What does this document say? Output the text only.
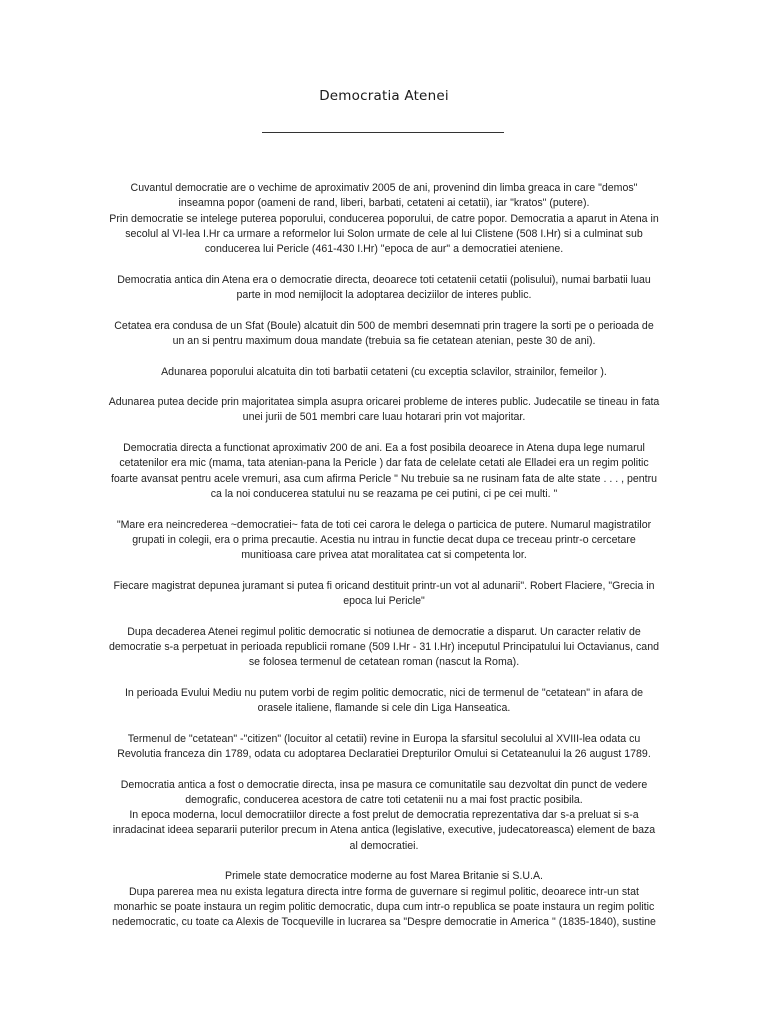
Democratia Atenei
Cuvantul democratie are o vechime de aproximativ 2005 de ani, provenind din limba greaca in care "demos"
inseamna popor (oameni de rand, liberi, barbati, cetateni ai cetatii), iar "kratos" (putere).
Prin democratie se intelege puterea poporului, conducerea poporului, de catre popor. Democratia a aparut in Atena in
secolul al VI-lea I.Hr ca urmare a reformelor lui Solon urmate de cele al lui Clistene (508 I.Hr) si a culminat sub
conducerea lui Pericle (461-430 I.Hr) "epoca de aur" a democratiei ateniene.
Democratia antica din Atena era o democratie directa, deoarece toti cetatenii cetatii (polisului), numai barbatii luau
parte in mod nemijlocit la adoptarea deciziilor de interes public.
Cetatea era condusa de un Sfat (Boule) alcatuit din 500 de membri desemnati prin tragere la sorti pe o perioada de
un an si pentru maximum doua mandate (trebuia sa fie cetatean atenian, peste 30 de ani).
Adunarea poporului alcatuita din toti barbatii cetateni (cu exceptia sclavilor, strainilor, femeilor ).
Adunarea putea decide prin majoritatea simpla asupra oricarei probleme de interes public. Judecatile se tineau in fata
unei jurii de 501 membri care luau hotarari prin vot majoritar.
Democratia directa a functionat aproximativ 200 de ani. Ea a fost posibila deoarece in Atena dupa lege numarul
cetatenilor era mic (mama, tata atenian-pana la Pericle ) dar fata de celelate cetati ale Elladei era un regim politic
foarte avansat pentru acele vremuri, asa cum afirma Pericle " Nu trebuie sa ne rusinam fata de alte state . . . , pentru
ca la noi conducerea statului nu se reazama pe cei putini, ci pe cei multi. "
"Mare era neincrederea ~democratiei~ fata de toti cei carora le delega o particica de putere. Numarul magistratilor
grupati in colegii, era o prima precautie. Acestia nu intrau in functie decat dupa ce treceau printr-o cercetare
munitioasa care privea atat moralitatea cat si competenta lor.
Fiecare magistrat depunea juramant si putea fi oricand destituit printr-un vot al adunarii". Robert Flaciere, "Grecia in
epoca lui Pericle"
Dupa decaderea Atenei regimul politic democratic si notiunea de democratie a disparut. Un caracter relativ de
democratie s-a perpetuat in perioada republicii romane (509 I.Hr - 31 I.Hr) inceputul Principatului lui Octavianus, cand
se folosea termenul de cetatean roman (nascut la Roma).
In perioada Evului Mediu nu putem vorbi de regim politic democratic, nici de termenul de "cetatean" in afara de
orasele italiene, flamande si cele din Liga Hanseatica.
Termenul de "cetatean" -"citizen" (locuitor al cetatii) revine in Europa la sfarsitul secolului al XVIII-lea odata cu
Revolutia franceza din 1789, odata cu adoptarea Declaratiei Drepturilor Omului si Cetateanului la 26 august 1789.
Democratia antica a fost o democratie directa, insa pe masura ce comunitatile sau dezvoltat din punct de vedere
demografic, conducerea acestora de catre toti cetatenii nu a mai fost practic posibila.
In epoca moderna, locul democratiilor directe a fost prelut de democratia reprezentativa dar s-a preluat si s-a
inradacinat ideea separarii puterilor precum in Atena antica (legislative, executive, judecatoreasca) element de baza
al democratiei.
Primele state democratice moderne au fost Marea Britanie si S.U.A.
Dupa parerea mea nu exista legatura directa intre forma de guvernare si regimul politic, deoarece intr-un stat
monarhic se poate instaura un regim politic democratic, dupa cum intr-o republica se poate instaura un regim politic
nedemocratic, cu toate ca Alexis de Tocqueville in lucrarea sa "Despre democratie in America " (1835-1840), sustine
